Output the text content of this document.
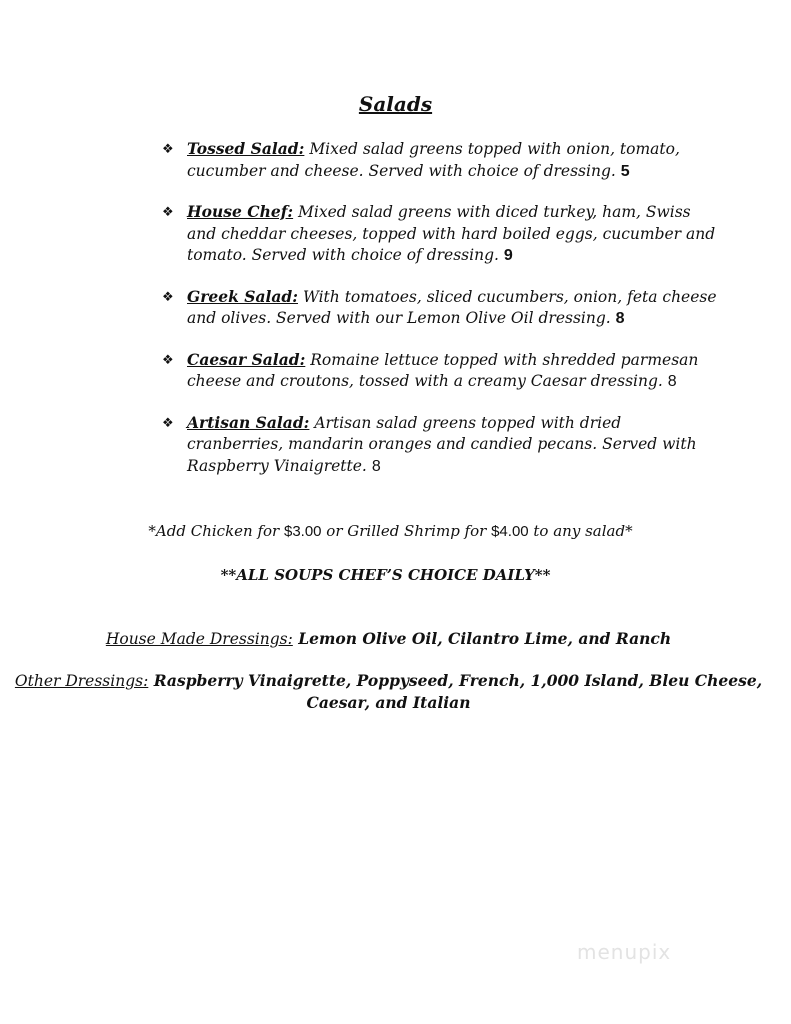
Salads
❖ Tossed Salad: Mixed salad greens topped with onion, tomato, cucumber and cheese. Served with choice of dressing. 5
❖ House Chef: Mixed salad greens with diced turkey, ham, Swiss and cheddar cheeses, topped with hard boiled eggs, cucumber and tomato. Served with choice of dressing. 9
❖ Greek Salad: With tomatoes, sliced cucumbers, onion, feta cheese and olives. Served with our Lemon Olive Oil dressing. 8
❖ Caesar Salad: Romaine lettuce topped with shredded parmesan cheese and croutons, tossed with a creamy Caesar dressing. 8
❖ Artisan Salad: Artisan salad greens topped with dried cranberries, mandarin oranges and candied pecans. Served with Raspberry Vinaigrette. 8
*Add Chicken for $3.00 or Grilled Shrimp for $4.00 to any salad*
**ALL SOUPS CHEF’S CHOICE DAILY**
House Made Dressings: Lemon Olive Oil, Cilantro Lime, and Ranch
Other Dressings: Raspberry Vinaigrette, Poppyseed, French, 1,000 Island, Bleu Cheese, Caesar, and Italian
menupix
